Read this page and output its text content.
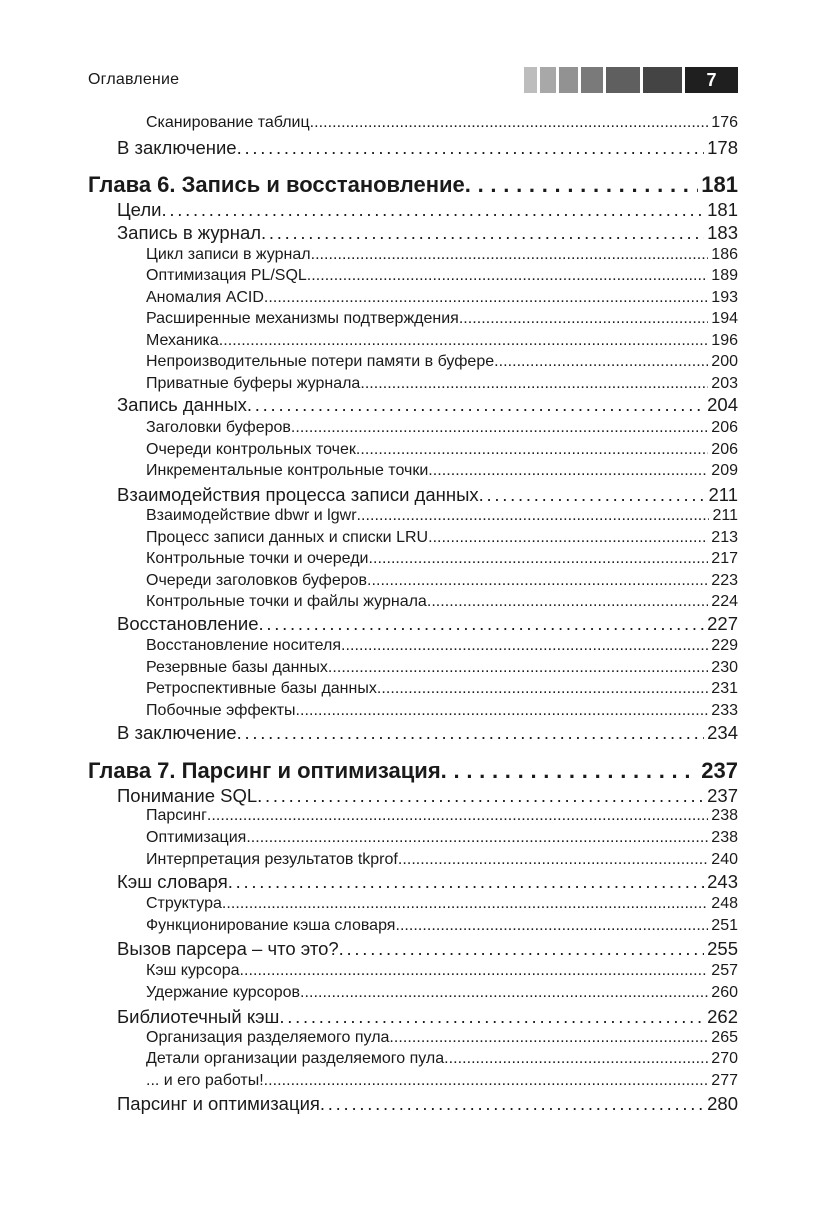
Оглавление	7
Сканирование таблиц . . .	176
В заключение . . .	178
Глава 6. Запись и восстановление . . .	181
Цели . . .	181
Запись в журнал . . .	183
Цикл записи в журнал . . .	186
Оптимизация PL/SQL . . .	189
Аномалия ACID . . .	193
Расширенные механизмы подтверждения . . .	194
Механика . . .	196
Непроизводительные потери памяти в буфере . . .	200
Приватные буферы журнала . . .	203
Запись данных . . .	204
Заголовки буферов . . .	206
Очереди контрольных точек . . .	206
Инкрементальные контрольные точки . . .	209
Взаимодействия процесса записи данных . . .	211
Взаимодействие dbwr и lgwr . . .	211
Процесс записи данных и списки LRU . . .	213
Контрольные точки и очереди . . .	217
Очереди заголовков буферов . . .	223
Контрольные точки и файлы журнала . . .	224
Восстановление . . .	227
Восстановление носителя . . .	229
Резервные базы данных . . .	230
Ретроспективные базы данных . . .	231
Побочные эффекты . . .	233
В заключение . . .	234
Глава 7. Парсинг и оптимизация . . .	237
Понимание SQL . . .	237
Парсинг . . .	238
Оптимизация . . .	238
Интерпретация результатов tkprof . . .	240
Кэш словаря . . .	243
Структура . . .	248
Функционирование кэша словаря . . .	251
Вызов парсера – что это? . . .	255
Кэш курсора . . .	257
Удержание курсоров . . .	260
Библиотечный кэш . . .	262
Организация разделяемого пула . . .	265
Детали организации разделяемого пула . . .	270
... и его работы! . . .	277
Парсинг и оптимизация . . .	280
